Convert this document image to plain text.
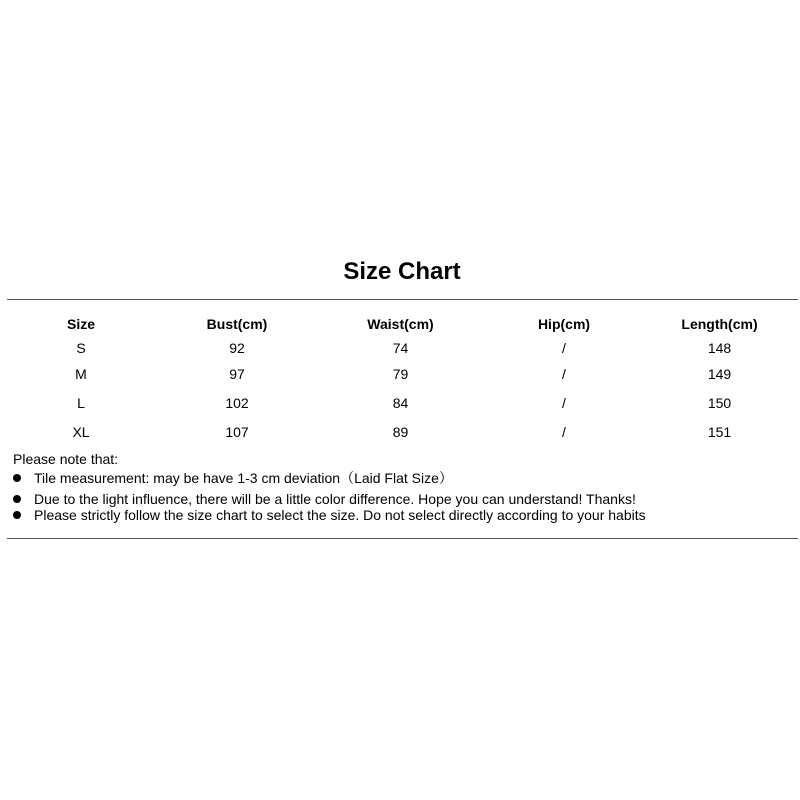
Size Chart
Size	Bust(cm)	Waist(cm)	Hip(cm)	Length(cm)
S	92	74	/	148
M	97	79	/	149
L	102	84	/	150
XL	107	89	/	151
Please note that:
Tile measurement: may be have 1-3 cm deviation（Laid Flat Size）
Due to the light influence, there will be a little color difference. Hope you can understand! Thanks!
Please strictly follow the size chart to select the size. Do not select directly according to your habits
